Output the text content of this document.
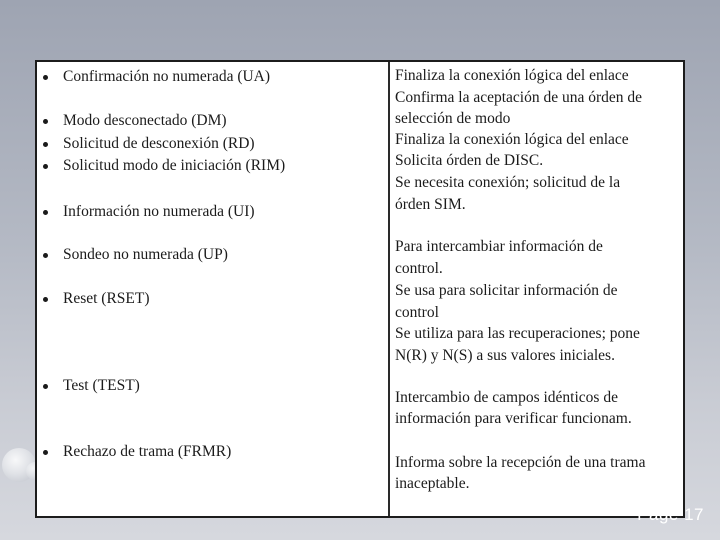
Confirmación no numerada (UA)
Modo desconectado (DM)
Solicitud de desconexión (RD)
Solicitud modo de iniciación (RIM)
Información no numerada (UI)
Sondeo no numerada (UP)
Reset (RSET)
Test (TEST)
Rechazo de trama (FRMR)
Finaliza la conexión lógica del enlace
Confirma la aceptación de una órden de
selección de modo
Finaliza la conexión lógica del enlace
Solicita órden de DISC.
Se necesita conexión; solicitud de la
órden SIM.
Para intercambiar información de
control.
Se usa para solicitar información de
control
Se utiliza para las recuperaciones; pone
N(R) y N(S) a sus valores iniciales.
Intercambio de campos idénticos de
información para verificar funcionam.
Informa sobre la recepción de una trama
inaceptable.
Page 17
